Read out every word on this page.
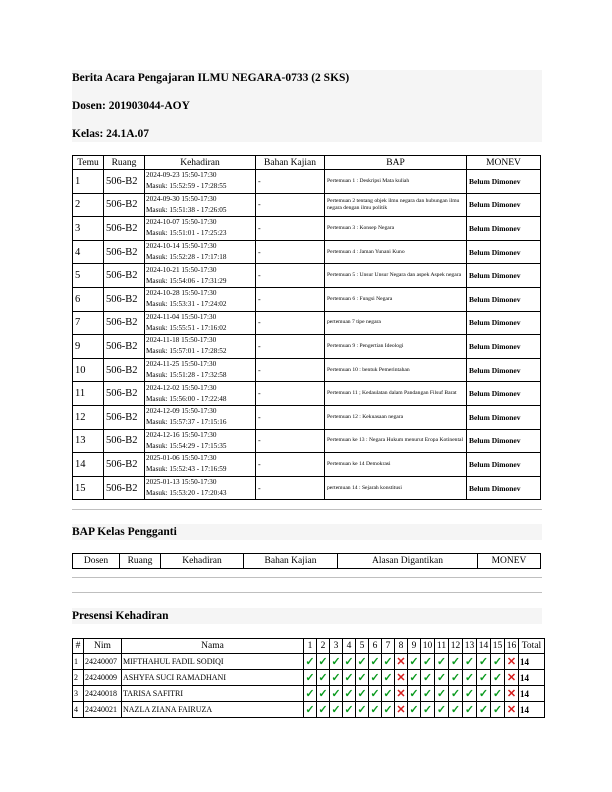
Berita Acara Pengajaran ILMU NEGARA-0733 (2 SKS)
Dosen: 201903044-AOY
Kelas: 24.1A.07
Temu	Ruang	Kehadiran	Bahan Kajian	BAP	MONEV
1	506-B2	2024-09-23 15:50-17:30
Masuk: 15:52:59 - 17:28:55	-	Pertemuan 1 : Deskripsi Mata kuliah	Belum Dimonev
2	506-B2	2024-09-30 15:50-17:30
Masuk: 15:51:38 - 17:26:05	-	Pertemuan 2 tentang objek ilmu negara dan hubungan ilmu negara dengan ilmu politik	Belum Dimonev
3	506-B2	2024-10-07 15:50-17:30
Masuk: 15:51:01 - 17:25:23	-	Pertemuan 3 : Konsep Negara	Belum Dimonev
4	506-B2	2024-10-14 15:50-17:30
Masuk: 15:52:28 - 17:17:18	-	Pertemuan 4 : Jaman Yunani Kuno	Belum Dimonev
5	506-B2	2024-10-21 15:50-17:30
Masuk: 15:54:06 - 17:31:29	-	Pertemuan 5 : Unsur Unsur Negara dan aspek Aspek negara	Belum Dimonev
6	506-B2	2024-10-28 15:50-17:30
Masuk: 15:53:31 - 17:24:02	-	Pertemuan 6 : Fungsi Negara	Belum Dimonev
7	506-B2	2024-11-04 15:50-17:30
Masuk: 15:55:51 - 17:16:02	-	pertemuan 7 tipe negara	Belum Dimonev
9	506-B2	2024-11-18 15:50-17:30
Masuk: 15:57:01 - 17:28:52	-	Pertemuan 9 : Pengertian Ideologi	Belum Dimonev
10	506-B2	2024-11-25 15:50-17:30
Masuk: 15:51:28 - 17:32:58	-	Pertemuan 10 : bentuk Pemerintahan	Belum Dimonev
11	506-B2	2024-12-02 15:50-17:30
Masuk: 15:56:00 - 17:22:48	-	Pertemuan 11 ; Kedaulatan dalam Pandangan Filsuf Barat	Belum Dimonev
12	506-B2	2024-12-09 15:50-17:30
Masuk: 15:57:37 - 17:15:16	-	Pertemuan 12 : Kekuasaan negara	Belum Dimonev
13	506-B2	2024-12-16 15:50-17:30
Masuk: 15:54:29 - 17:15:35	-	Pertemuan ke 13 : Negara Hukum menurut Eropa Kotinental	Belum Dimonev
14	506-B2	2025-01-06 15:50-17:30
Masuk: 15:52:43 - 17:16:59	-	Pertemuan ke 14 Demokrasi	Belum Dimonev
15	506-B2	2025-01-13 15:50-17:30
Masuk: 15:53:20 - 17:20:43	-	pertemuan 14 : Sejarah konstitusi	Belum Dimonev
BAP Kelas Pengganti
Dosen	Ruang	Kehadiran	Bahan Kajian	Alasan Digantikan	MONEV
Presensi Kehadiran
#	Nim	Nama	1	2	3	4	5	6	7	8	9	10	11	12	13	14	15	16	Total
1	24240007	MIFTHAHUL FADIL SODIQI	✓	✓	✓	✓	✓	✓	✓	✕	✓	✓	✓	✓	✓	✓	✓	✕	14
2	24240009	ASHYFA SUCI RAMADHANI	✓	✓	✓	✓	✓	✓	✓	✕	✓	✓	✓	✓	✓	✓	✓	✕	14
3	24240018	TARISA SAFITRI	✓	✓	✓	✓	✓	✓	✓	✕	✓	✓	✓	✓	✓	✓	✓	✕	14
4	24240021	NAZLA ZIANA FAIRUZA	✓	✓	✓	✓	✓	✓	✓	✕	✓	✓	✓	✓	✓	✓	✓	✕	14
